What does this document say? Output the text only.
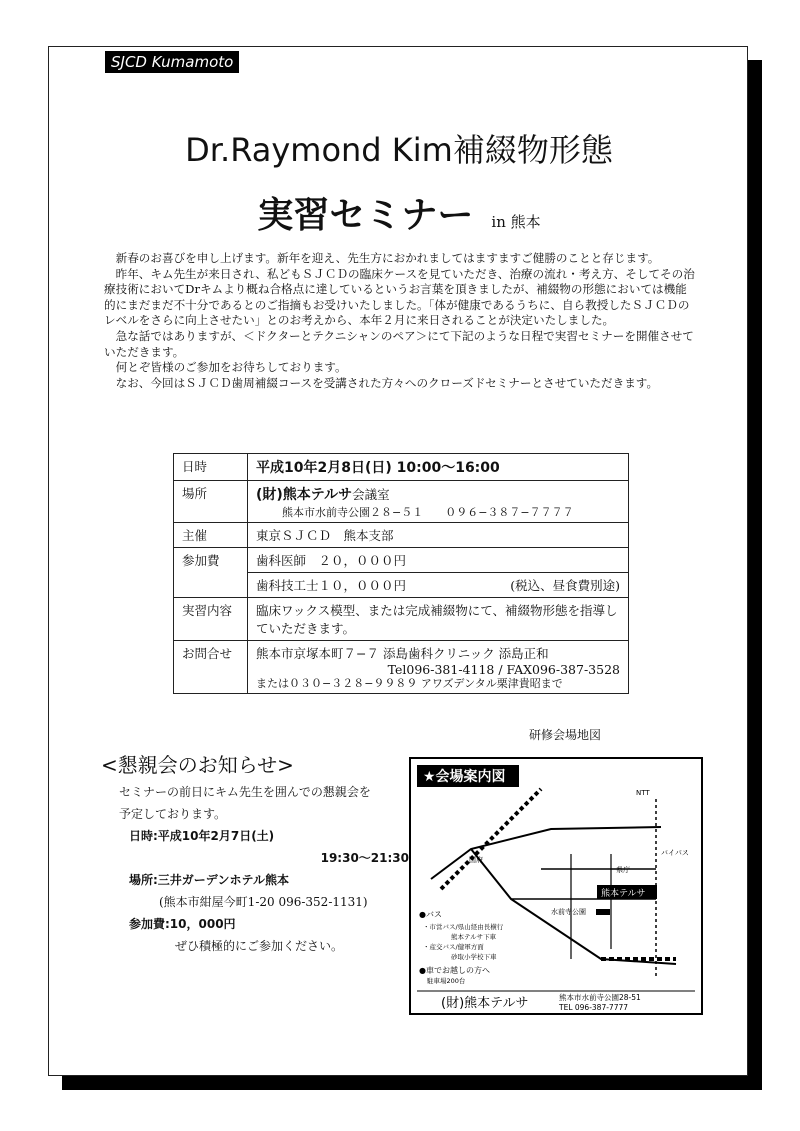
SJCD Kumamoto
Dr.Raymond Kim補綴物形態
実習セミナー in 熊本

新春のお喜びを申し上げます。新年を迎え、先生方におかれましてはますますご健勝のことと存じます。

昨年、キム先生が来日され、私どもＳＪＣＤの臨床ケースを見ていただき、治療の流れ・考え方、そしてその治療技術においてDrキムより概ね合格点に達しているというお言葉を頂きましたが、補綴物の形態においては機能的にまだまだ不十分であるとのご指摘もお受けいたしました。「体が健康であるうちに、自ら教授したＳＪＣＤのレベルをさらに向上させたい」とのお考えから、本年２月に来日されることが決定いたしました。

急な話ではありますが、＜ドクターとテクニシャンのペア＞にて下記のような日程で実習セミナーを開催させていただきます。

何とぞ皆様のご参加をお待ちしております。

なお、今回はＳＪＣＤ歯周補綴コースを受講された方々へのクローズドセミナーとさせていただきます。

日時	平成10年2月8日(日) 10:00〜16:00
場所	(財)熊本テルサ会議室
熊本市水前寺公園２８−５１　　０９６−３８７−７７７７
主催	東京ＳＪＣＤ　熊本支部
参加費	歯科医師　２０，０００円
	歯科技工士１０，０００円 (税込、昼食費別途)

実習内容	臨床ワックス模型、または完成補綴物にて、補綴物形態を指導していただきます。
お問合せ	熊本市京塚本町７−７ 添島歯科クリニック 添島正和
Tel096-381-4118 / FAX096-387-3528
または０３０−３２８−９９８９ アワズデンタル栗津貴昭まで
研修会場地図
<懇親会のお知らせ>
セミナーの前日にキム先生を囲んでの懇親会を
予定しております。
日時:平成10年2月7日(土)
19:30〜21:30
場所:三井ガーデンホテル熊本
(熊本市紺屋今町1-20 096-352-1131)
参加費:10，000円
ぜひ積極的にご参加ください。
★会場案内図
熊本テルサ
水前寺公園
県庁
国府
NTT
バイパス
●バス
・市営バス/県山経由長横行
熊本テルサ下車
・産交バス/健軍方面
砂取小学校下車
●車でお越しの方へ
駐車場200台
(財)熊本テルサ	熊本市水前寺公園28-51
TEL 096-387-7777
